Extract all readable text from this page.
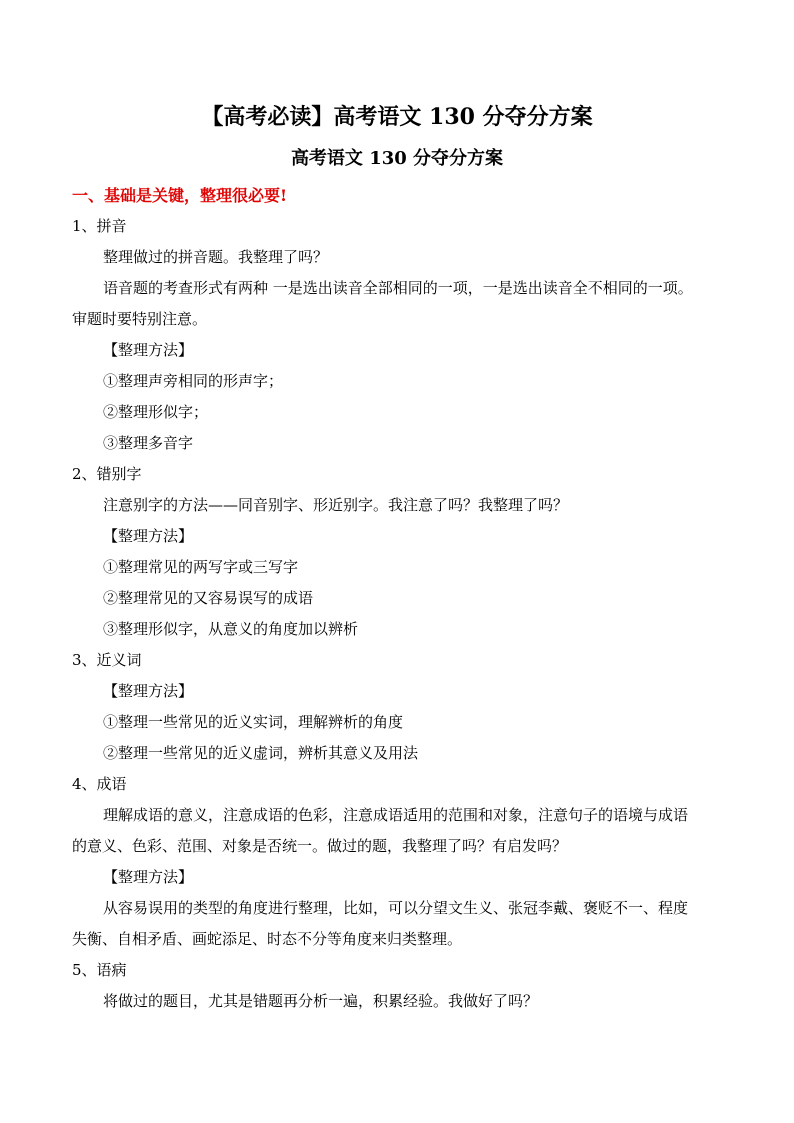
【高考必读】高考语文 130 分夺分方案
高考语文 130 分夺分方案
一、基础是关键，整理很必要!
1、拼音
整理做过的拼音题。我整理了吗？
语音题的考查形式有两种 一是选出读音全部相同的一项，一是选出读音全不相同的一项。
审题时要特别注意。
【整理方法】
①整理声旁相同的形声字；
②整理形似字；
③整理多音字
2、错别字
注意别字的方法——同音别字、形近别字。我注意了吗？我整理了吗？
【整理方法】
①整理常见的两写字或三写字
②整理常见的又容易误写的成语
③整理形似字，从意义的角度加以辨析
3、近义词
【整理方法】
①整理一些常见的近义实词，理解辨析的角度
②整理一些常见的近义虚词，辨析其意义及用法
4、成语
理解成语的意义，注意成语的色彩，注意成语适用的范围和对象，注意句子的语境与成语
的意义、色彩、范围、对象是否统一。做过的题，我整理了吗？有启发吗？
【整理方法】
从容易误用的类型的角度进行整理，比如，可以分望文生义、张冠李戴、褒贬不一、程度
失衡、自相矛盾、画蛇添足、时态不分等角度来归类整理。
5、语病
将做过的题目，尤其是错题再分析一遍，积累经验。我做好了吗？
